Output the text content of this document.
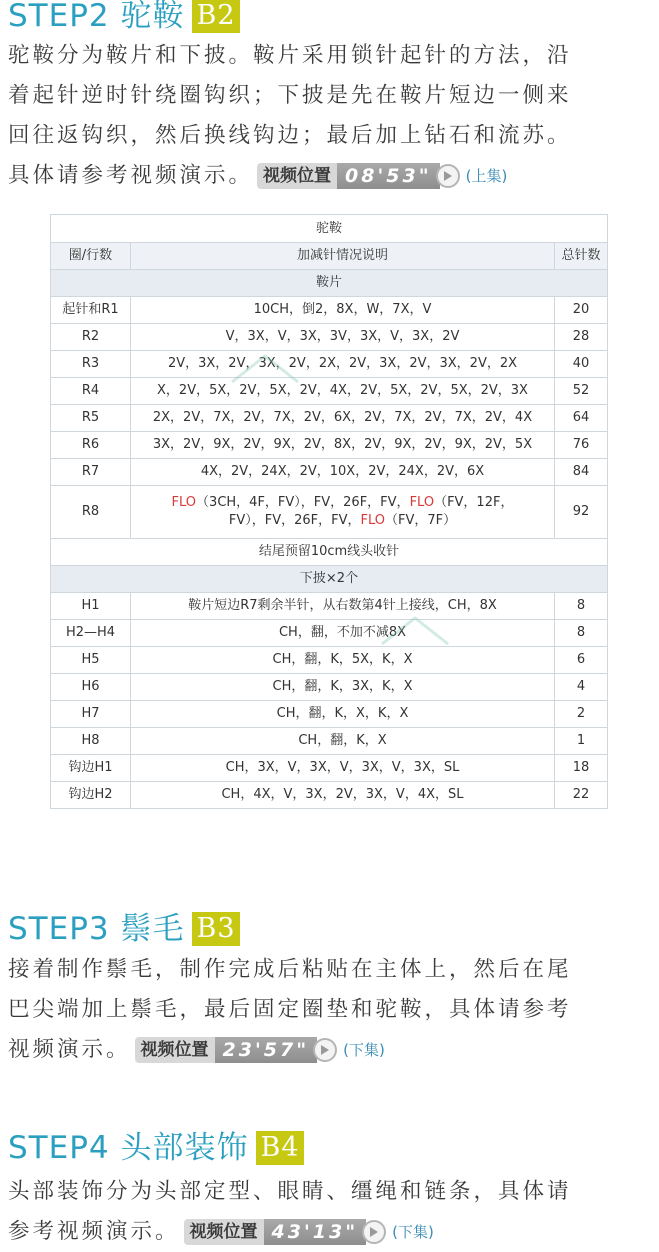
STEP2 驼鞍 B2
驼鞍分为鞍片和下披。鞍片采用锁针起针的方法，沿
着起针逆时针绕圈钩织；下披是先在鞍片短边一侧来
回往返钩织，然后换线钩边；最后加上钻石和流苏。
具体请参考视频演示。 视频位置 08'53"	(上集)
驼鞍		
圈/行数	加减针情况说明	总针数
鞍片		
起针和R1	10CH，倒2，8X，W，7X，V	20
R2	V，3X，V，3X，3V，3X，V，3X，2V	28
R3	2V，3X，2V，3X，2V，2X，2V，3X，2V，3X，2V，2X	40
R4	X，2V，5X，2V，5X，2V，4X，2V，5X，2V，5X，2V，3X	52
R5	2X，2V，7X，2V，7X，2V，6X，2V，7X，2V，7X，2V，4X	64
R6	3X，2V，9X，2V，9X，2V，8X，2V，9X，2V，9X，2V，5X	76
R7	4X，2V，24X，2V，10X，2V，24X，2V，6X	84
R8	FLO（3CH，4F，FV），FV，26F，FV，FLO（FV，12F，
FV），FV，26F，FV，FLO（FV，7F）	92
结尾预留10cm线头收针		
下披×2个		
H1	鞍片短边R7剩余半针，从右数第4针上接线，CH，8X	8
H2—H4	CH，翻，不加不减8X	8
H5	CH，翻，K，5X，K，X	6
H6	CH，翻，K，3X，K，X	4
H7	CH，翻，K，X，K，X	2
H8	CH，翻，K，X	1
钩边H1	CH，3X，V，3X，V，3X，V，3X，SL	18
钩边H2	CH，4X，V，3X，2V，3X，V，4X，SL	22
STEP3 鬃毛 B3
接着制作鬃毛，制作完成后粘贴在主体上，然后在尾
巴尖端加上鬃毛，最后固定圈垫和驼鞍，具体请参考
视频演示。 视频位置 23'57"	(下集)
STEP4 头部装饰 B4
头部装饰分为头部定型、眼睛、缰绳和链条，具体请
参考视频演示。 视频位置 43'13"	(下集)
